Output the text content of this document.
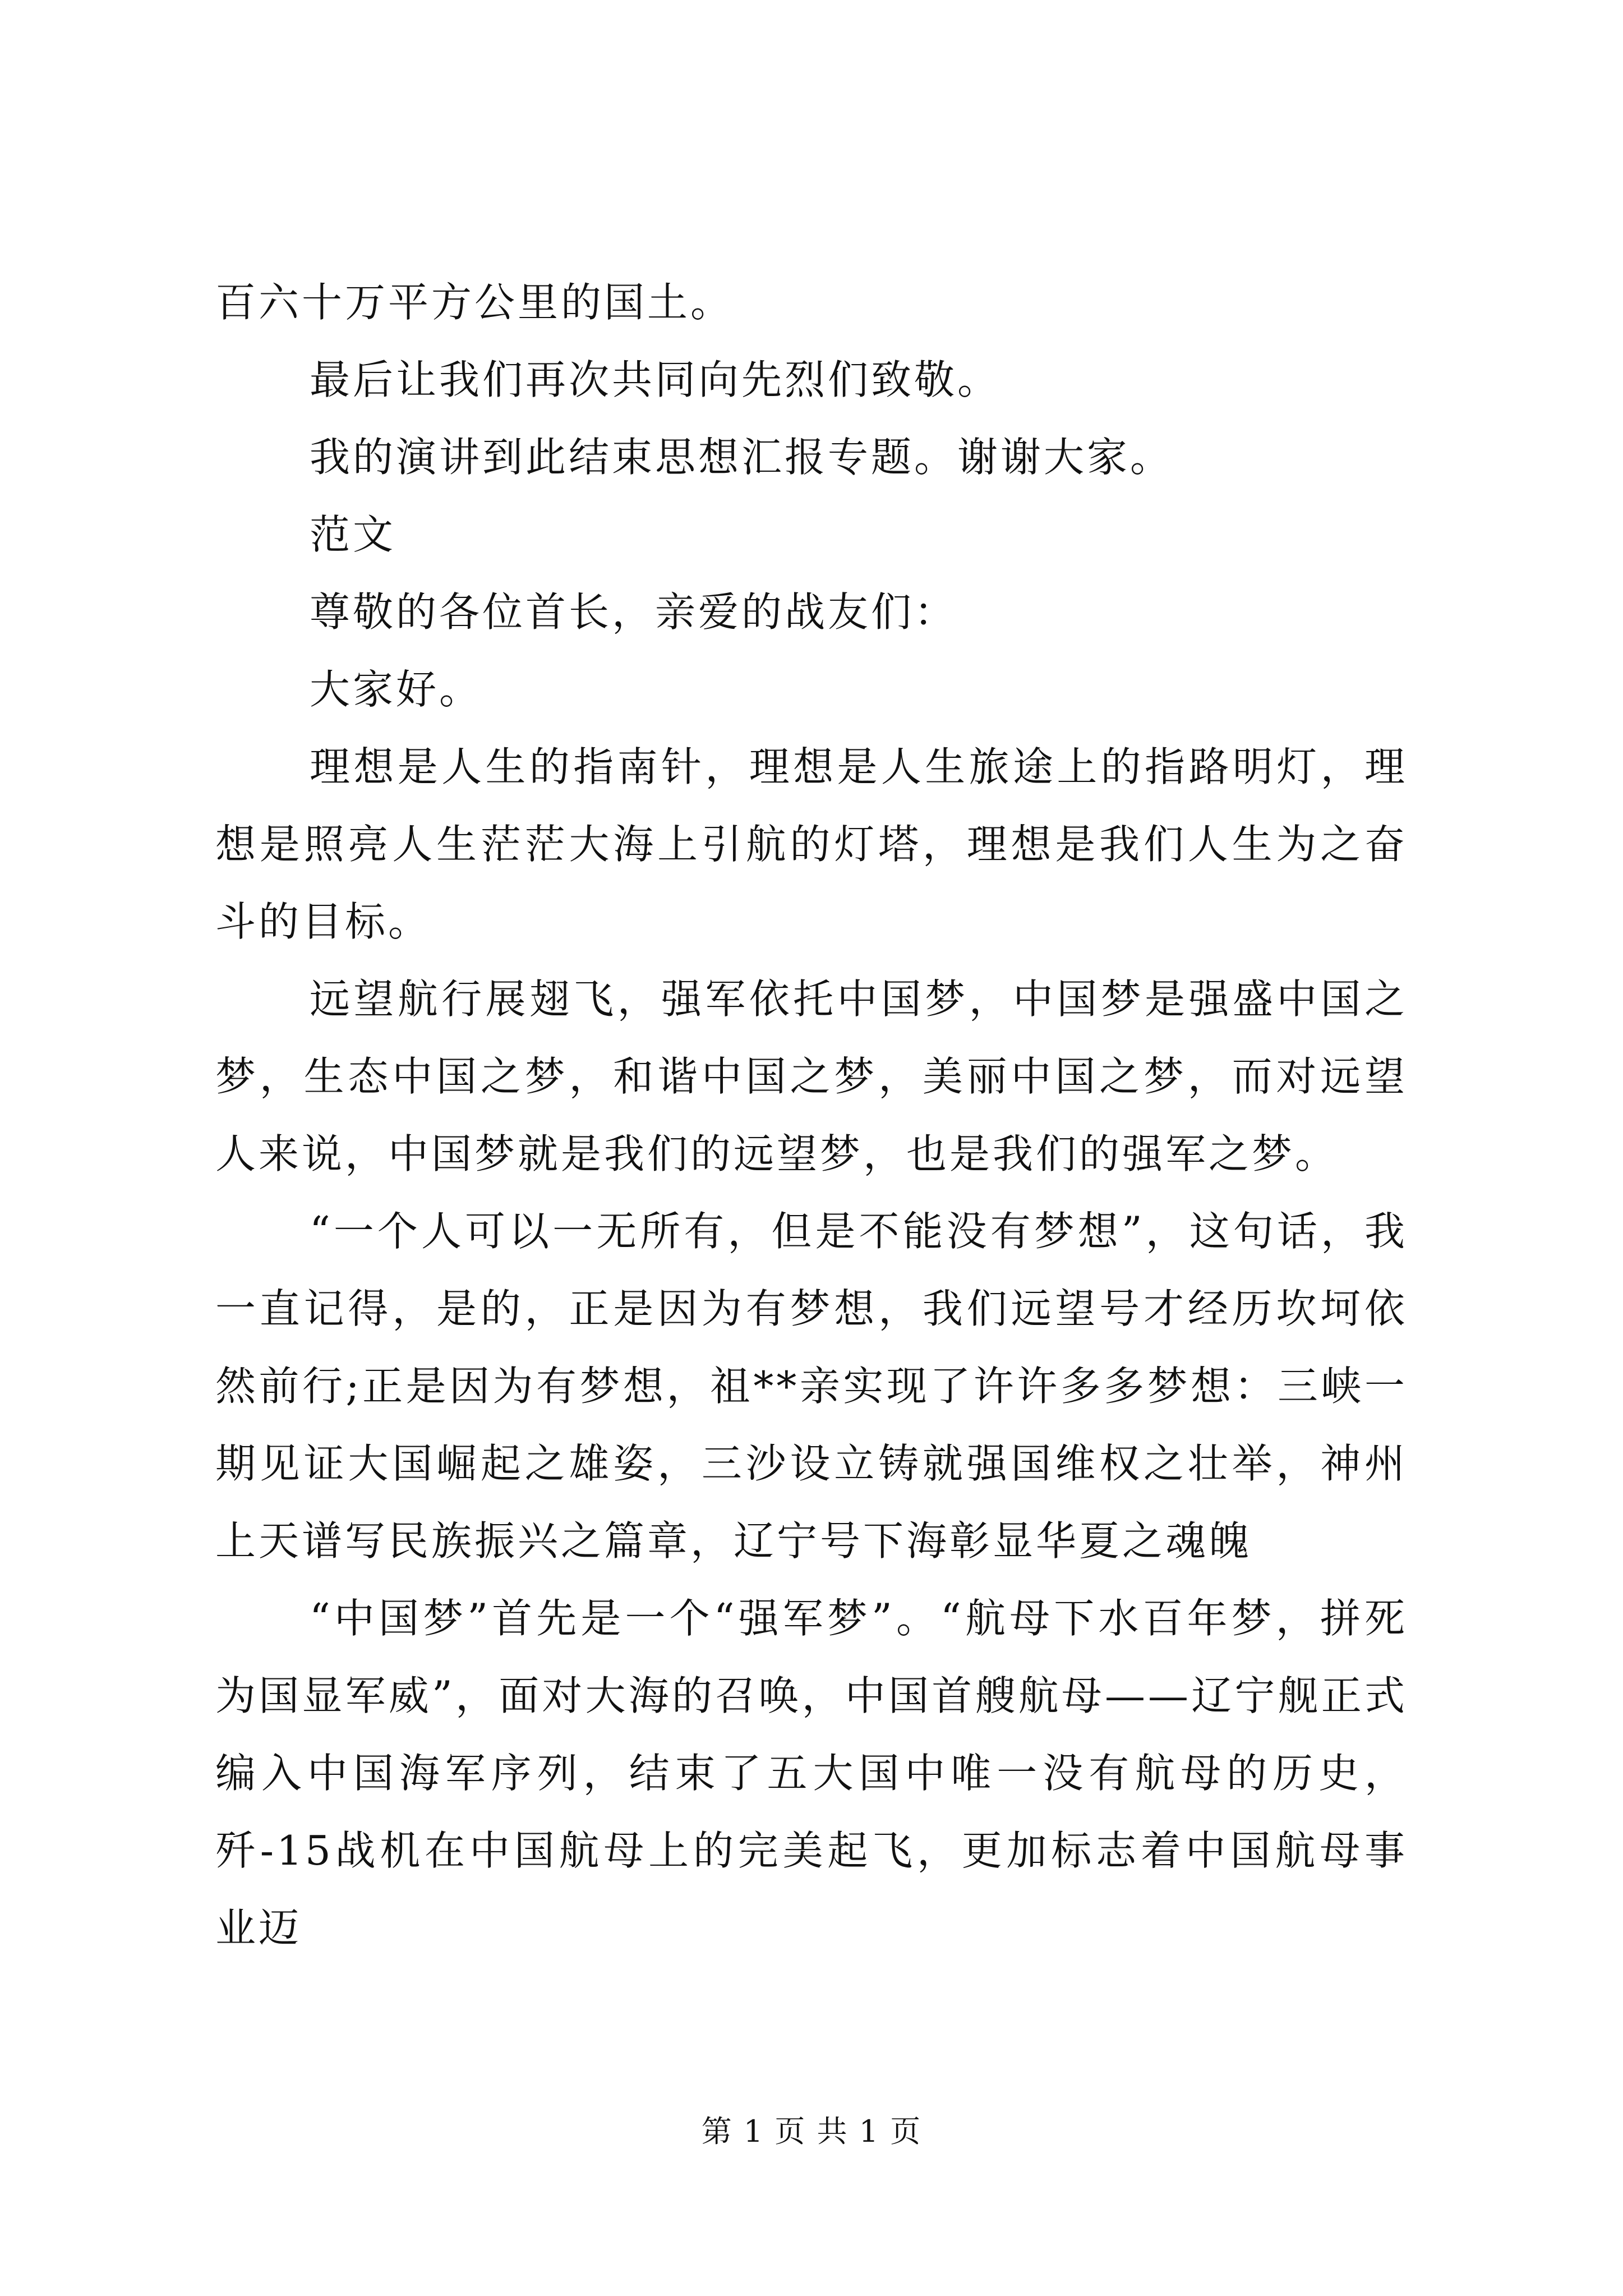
百六十万平方公里的国土。

最后让我们再次共同向先烈们致敬。

我的演讲到此结束思想汇报专题。谢谢大家。

范文

尊敬的各位首长，亲爱的战友们：

大家好。

理想是人生的指南针，理想是人生旅途上的指路明灯，理想是照亮人生茫茫大海上引航的灯塔，理想是我们人生为之奋斗的目标。

远望航行展翅飞，强军依托中国梦，中国梦是强盛中国之梦，生态中国之梦，和谐中国之梦，美丽中国之梦，而对远望人来说，中国梦就是我们的远望梦，也是我们的强军之梦。

“一个人可以一无所有，但是不能没有梦想”，这句话，我一直记得，是的，正是因为有梦想，我们远望号才经历坎坷依然前行;正是因为有梦想，祖**亲实现了许许多多梦想：三峡一期见证大国崛起之雄姿，三沙设立铸就强国维权之壮举，神州上天谱写民族振兴之篇章，辽宁号下海彰显华夏之魂魄

“中国梦”首先是一个“强军梦”。“航母下水百年梦，拼死为国显军威”，面对大海的召唤，中国首艘航母——辽宁舰正式编入中国海军序列，结束了五大国中唯一没有航母的历史，歼-15战机在中国航母上的完美起飞，更加标志着中国航母事业迈

第 1 页 共 1 页
